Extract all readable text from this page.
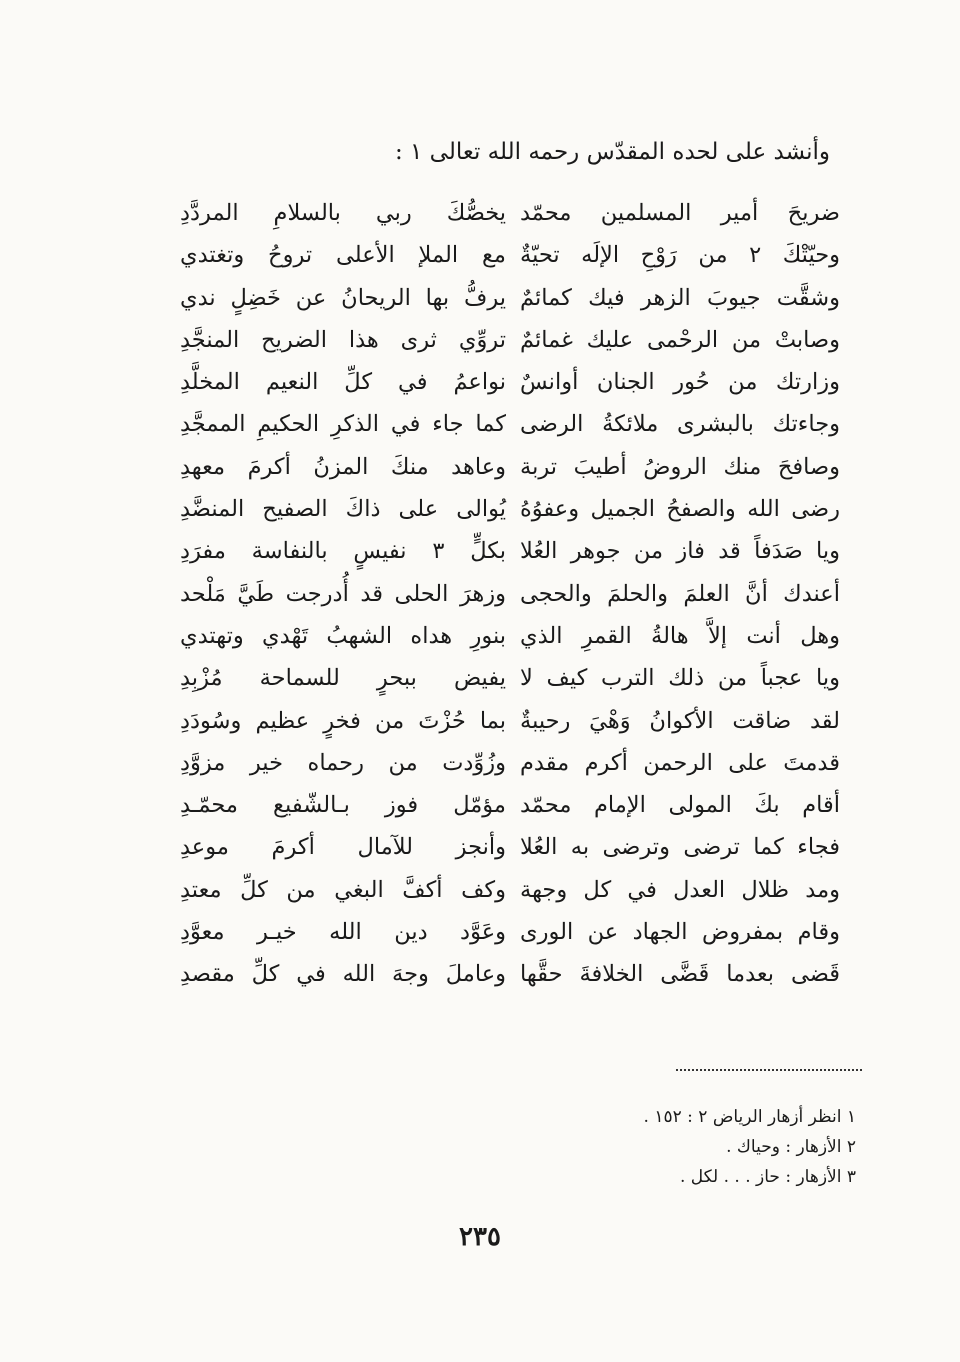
وأنشد على لحده المقدّس رحمه الله تعالى ١ :
ضريحَ أمير المسلمين محمّد
يخصُّكَ ربي بالسلامِ المردَّدِ
وحيّتْكَ ٢ من رَوْحِ الإلَه تحيّةٌ
مع الملإ الأعلى تروحُ وتغتدي
وشقَّت جيوبَ الزهر فيك كمائمٌ
يرفُّ بها الريحانُ عن خَضِلٍ ندي
وصابتْ من الرحْمى عليك غمائمٌ
تروِّي ثرى هذا الضريح المنجَّدِ
وزارتك من حُور الجنان أوانسٌ
نواعمُ في كلِّ النعيم المخلَّدِ
وجاءتك بالبشرى ملائكةُ الرضى
كما جاء في الذكرِ الحكيمِ الممجَّدِ
وصافحَ منك الروضُ أطيبَ تربة
وعاهد منكَ المزنُ أكرمَ معهدِ
رضى الله والصفحُ الجميل وعفوُهُ
يُوالى على ذاكَ الصفيح المنضَّدِ
ويا صَدَفاً قد فاز من جوهر العُلا
بكلٍّ ٣ نفيسٍ بالنفاسة مفرَدِ
أعندك أنَّ العلمَ والحلمَ والحجى
وزهرَ الحلى قد أُدرجت طَيَّ مَلْحد
وهل أنت إلاَّ هالةُ القمرِ الذي
بنورِ هداه الشهبُ تَهْدي وتهتدي
ويا عجباً من ذلك الترب كيف لا
يفيض ببحرٍ للسماحة مُزْبِدِ
لقد ضاقت الأكوانُ وَهْيَ رحيبةٌ
بما حُزْتَ من فخرٍ عظيم وسُودَدِ
قدمتَ على الرحمن أكرم مقدم
وزُوِّدت من رحماه خير مزوَّدِ
أقام بكَ المولى الإمام محمّد
مؤمّل فوز بـالشّفيع محمّـدِ
فجاء كما ترضى وترضى به العُلا
وأنجز للآمال أكرمَ موعدِ
ومد ظلال العدل في كل وجهة
وكف أكفَّ البغي من كلِّ معتدِ
وقام بمفروض الجهاد عن الورى
وعَوَّد دين الله خيـر معوَّدِ
قَضى بعدما قَضَّى الخلافةَ حقَّها
وعاملَ وجهَ الله في كلِّ مقصدِ
١ انظر أزهار الرياض ٢ : ١٥٢ .
٢ الأزهار : وحياك .
٣ الأزهار : حاز . . . لكل .
٢٣٥
